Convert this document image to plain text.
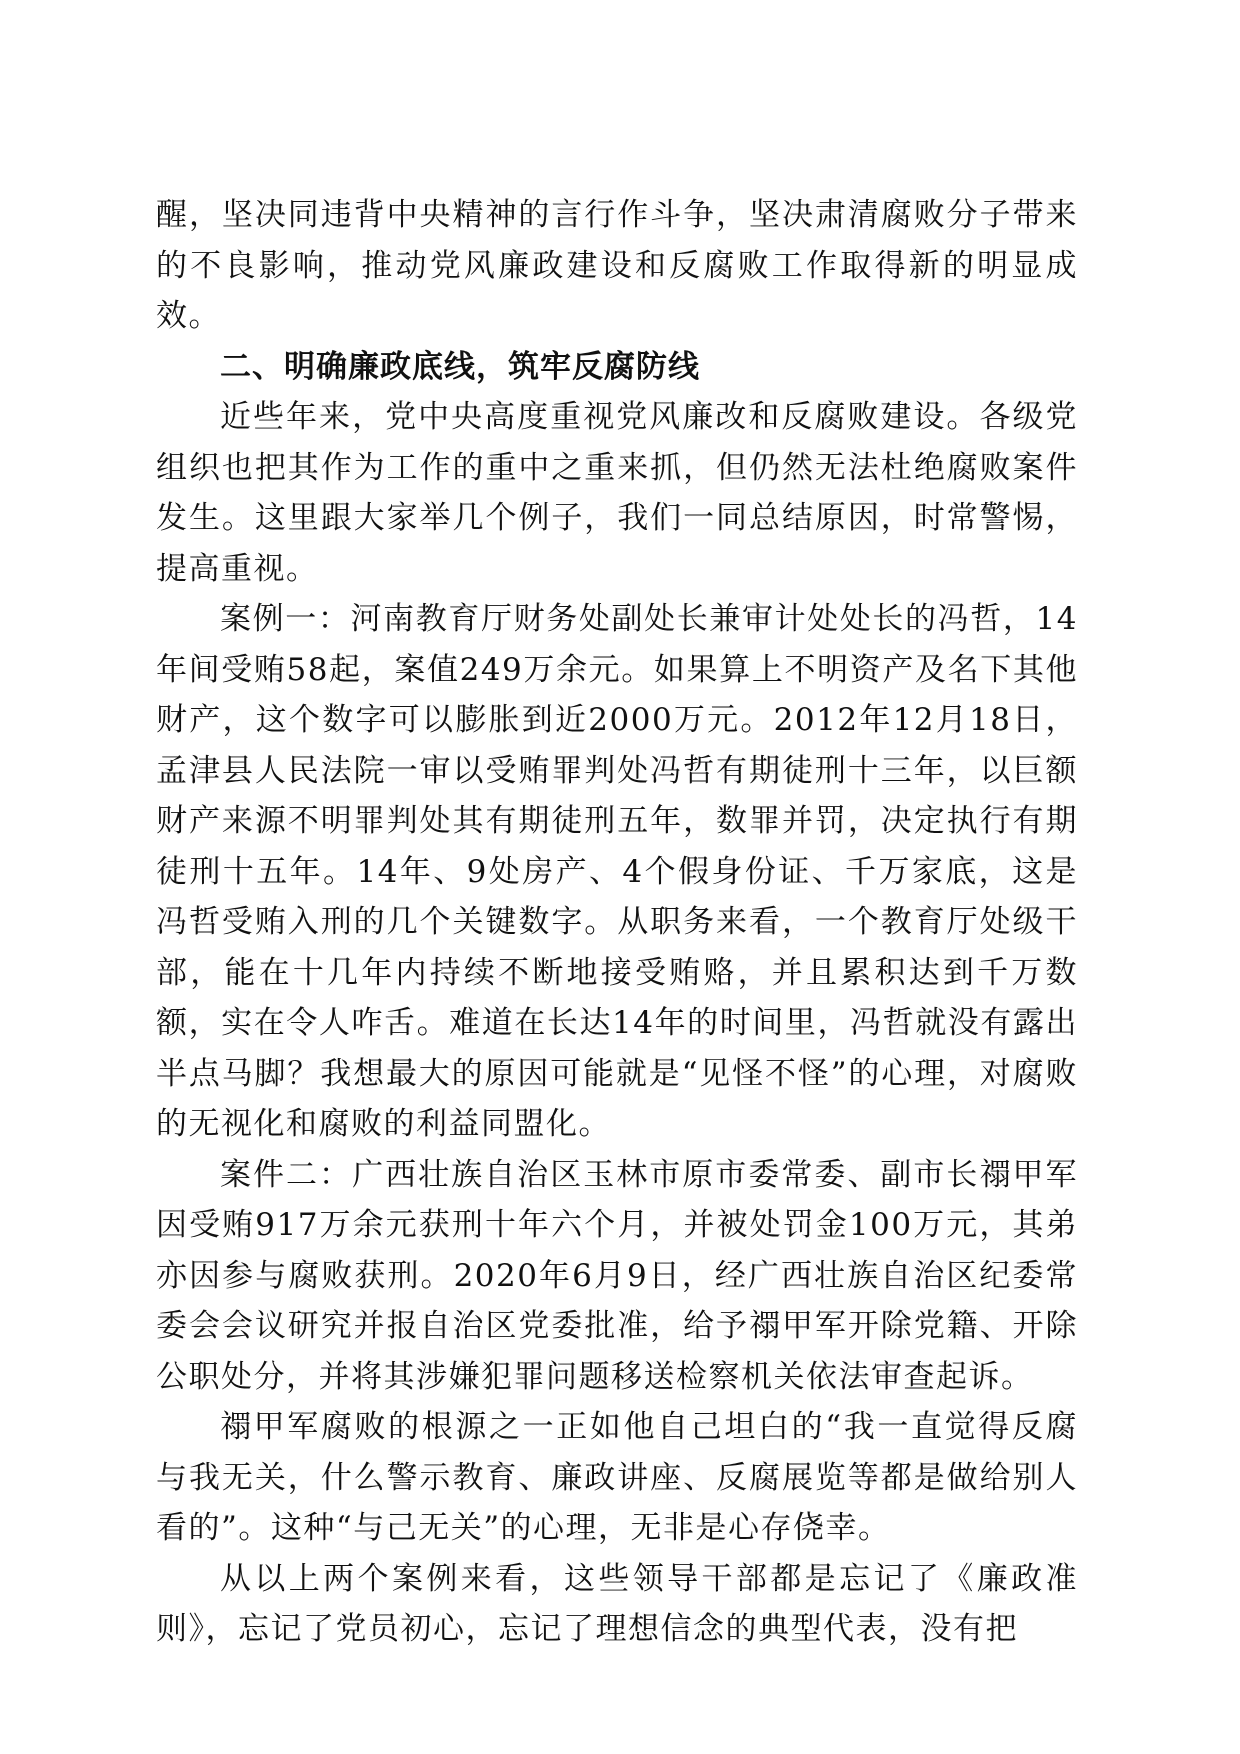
醒，坚决同违背中央精神的言行作斗争，坚决肃清腐败分子带来的不良影响，推动党风廉政建设和反腐败工作取得新的明显成效。

二、明确廉政底线，筑牢反腐防线

近些年来，党中央高度重视党风廉改和反腐败建设。各级党组织也把其作为工作的重中之重来抓，但仍然无法杜绝腐败案件发生。这里跟大家举几个例子，我们一同总结原因，时常警惕，提高重视。

案例一：河南教育厅财务处副处长兼审计处处长的冯哲，14年间受贿58起，案值249万余元。如果算上不明资产及名下其他财产，这个数字可以膨胀到近2000万元。2012年12月18日，孟津县人民法院一审以受贿罪判处冯哲有期徒刑十三年，以巨额财产来源不明罪判处其有期徒刑五年，数罪并罚，决定执行有期徒刑十五年。14年、9处房产、4个假身份证、千万家底，这是冯哲受贿入刑的几个关键数字。从职务来看，一个教育厅处级干部，能在十几年内持续不断地接受贿赂，并且累积达到千万数额，实在令人咋舌。难道在长达14年的时间里，冯哲就没有露出半点马脚？我想最大的原因可能就是“见怪不怪”的心理，对腐败的无视化和腐败的利益同盟化。

案件二：广西壮族自治区玉林市原市委常委、副市长禤甲军因受贿917万余元获刑十年六个月，并被处罚金100万元，其弟亦因参与腐败获刑。2020年6月9日，经广西壮族自治区纪委常委会会议研究并报自治区党委批准，给予禤甲军开除党籍、开除公职处分，并将其涉嫌犯罪问题移送检察机关依法审查起诉。

禤甲军腐败的根源之一正如他自己坦白的“我一直觉得反腐与我无关，什么警示教育、廉政讲座、反腐展览等都是做给别人看的”。这种“与己无关”的心理，无非是心存侥幸。

从以上两个案例来看，这些领导干部都是忘记了《廉政准则》，忘记了党员初心，忘记了理想信念的典型代表，没有把
